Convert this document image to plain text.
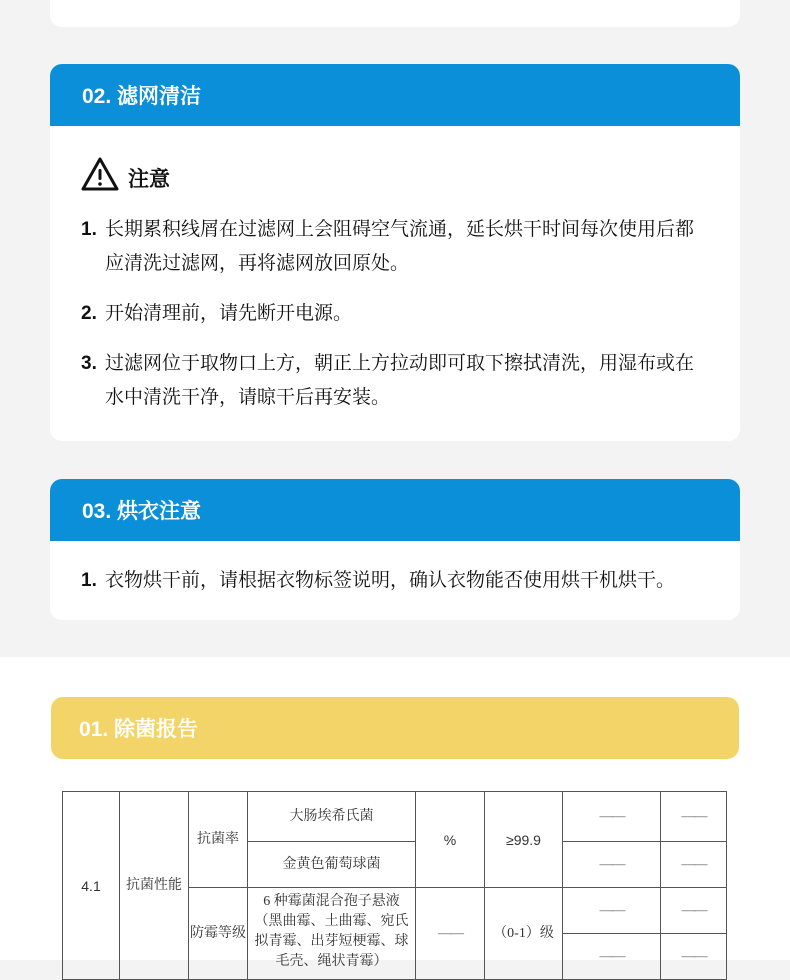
02. 滤网清洁
注意
1. 长期累积线屑在过滤网上会阻碍空气流通，延长烘干时间每次使用后都应清洗过滤网，再将滤网放回原处。
2. 开始清理前，请先断开电源。
3. 过滤网位于取物口上方，朝正上方拉动即可取下擦拭清洗，用湿布或在水中清洗干净，请晾干后再安装。
03. 烘衣注意
1. 衣物烘干前，请根据衣物标签说明，确认衣物能否使用烘干机烘干。
01. 除菌报告
4.1	抗菌性能	抗菌率	大肠埃希氏菌	%	≥99.9	——	——
			金黄色葡萄球菌			——	——
		防霉等级	6 种霉菌混合孢子悬液（黑曲霉、土曲霉、宛氏拟青霉、出芽短梗霉、球毛壳、绳状青霉）	——	（0-1）级	——	——
						——	——
